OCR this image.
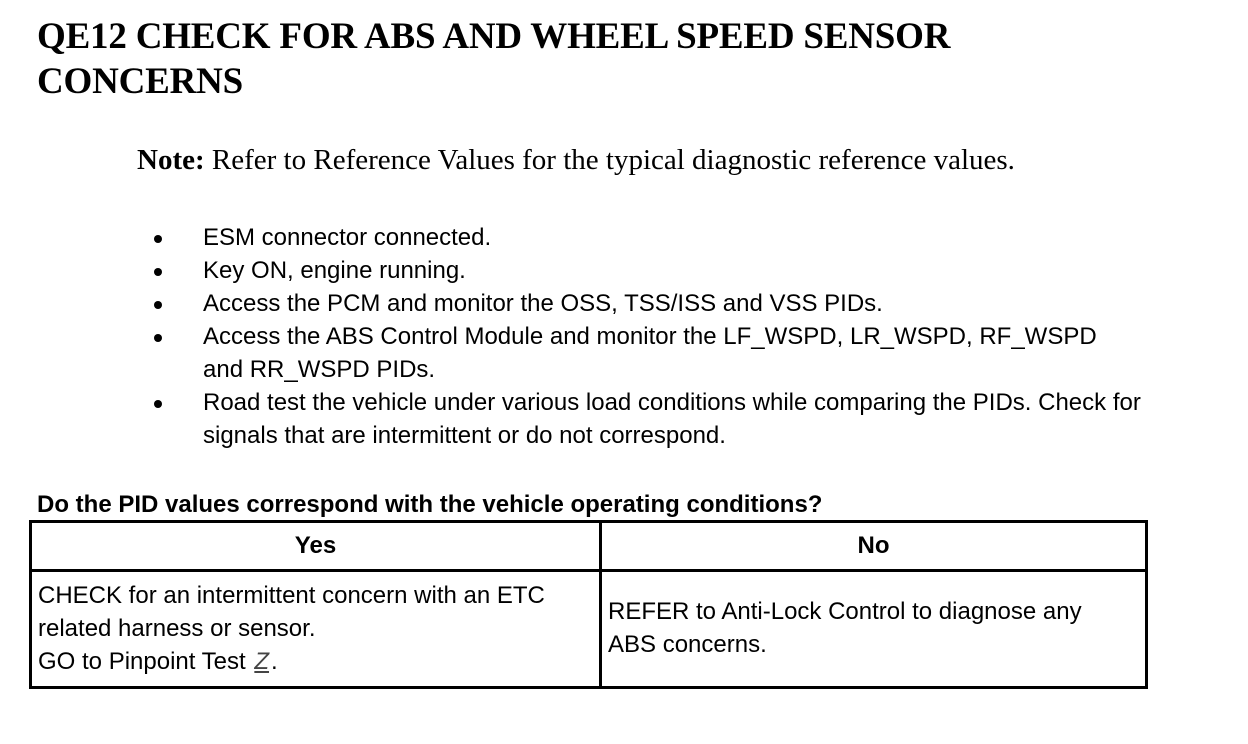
QE12 CHECK FOR ABS AND WHEEL SPEED SENSOR CONCERNS
Note: Refer to Reference Values for the typical diagnostic reference values.
ESM connector connected.
Key ON, engine running.
Access the PCM and monitor the OSS, TSS/ISS and VSS PIDs.
Access the ABS Control Module and monitor the LF_WSPD, LR_WSPD, RF_WSPD and RR_WSPD PIDs.
Road test the vehicle under various load conditions while comparing the PIDs. Check for signals that are intermittent or do not correspond.
Do the PID values correspond with the vehicle operating conditions?
Yes	No

CHECK for an intermittent concern with an ETC related harness or sensor.
GO to Pinpoint Test Z.	REFER to Anti-Lock Control to diagnose any ABS concerns.
